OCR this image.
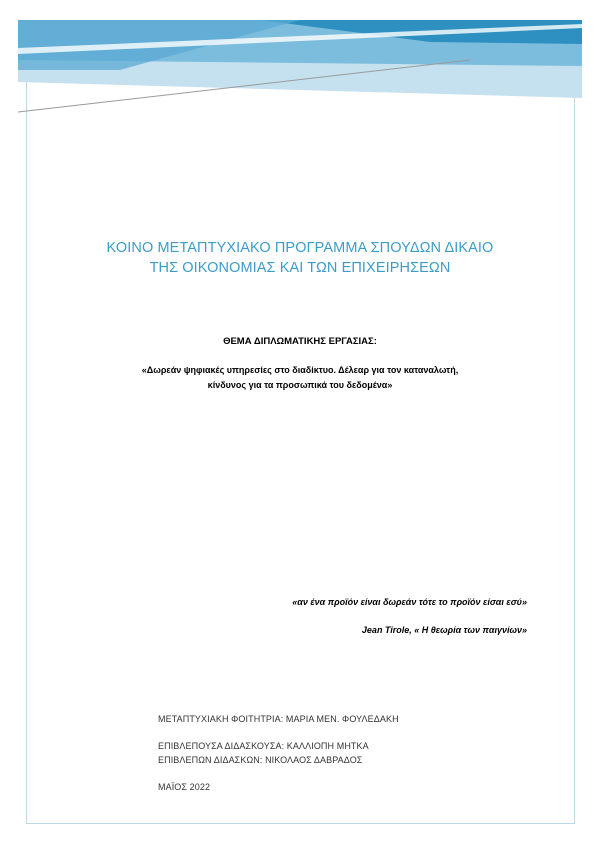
ΚΟΙΝΟ ΜΕΤΑΠΤΥΧΙΑΚΟ ΠΡΟΓΡΑΜΜΑ ΣΠΟΥΔΩΝ ΔΙΚΑΙΟ
ΤΗΣ ΟΙΚΟΝΟΜΙΑΣ ΚΑΙ ΤΩΝ ΕΠΙΧΕΙΡΗΣΕΩΝ
ΘΕΜΑ ΔΙΠΛΩΜΑΤΙΚΗΣ ΕΡΓΑΣΙΑΣ:
«Δωρεάν ψηφιακές υπηρεσίες στο διαδίκτυο. Δέλεαρ για τον καταναλωτή,
κίνδυνος για τα προσωπικά του δεδομένα»
«αν ένα προϊόν είναι δωρεάν τότε το προϊόν είσαι εσύ»
Jean Tirole, « Η θεωρία των παιγνίων»
ΜΕΤΑΠΤΥΧΙΑΚΗ ΦΟΙΤΗΤΡΙΑ: ΜΑΡΙΑ ΜΕΝ. ΦΟΥΛΕΔΑΚΗ
ΕΠΙΒΛΕΠΟΥΣΑ ΔΙΔΑΣΚΟΥΣΑ: ΚΑΛΛΙΟΠΗ ΜΗΤΚΑ
ΕΠΙΒΛΕΠΩΝ ΔΙΔΑΣΚΩΝ: ΝΙΚΟΛΑΟΣ ΔΑΒΡΑΔΟΣ
ΜΑΪΟΣ 2022
